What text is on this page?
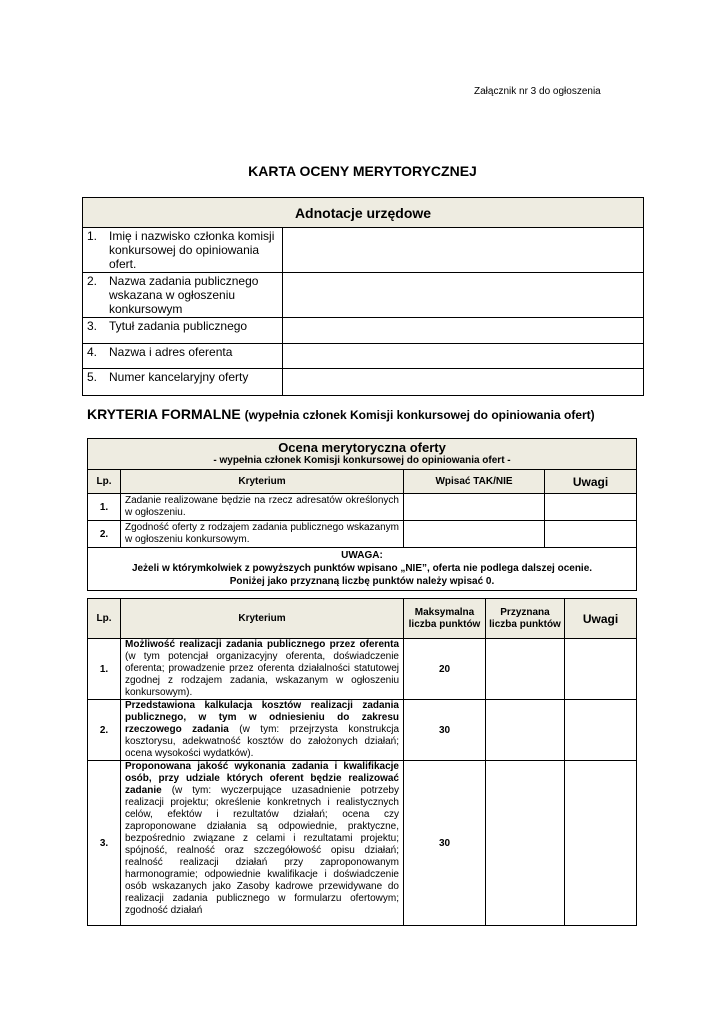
Załącznik nr 3 do ogłoszenia
KARTA OCENY MERYTORYCZNEJ
Adnotacje urzędowe	
1. Imię i nazwisko członka komisji konkursowej do opiniowania ofert.	
2. Nazwa zadania publicznego wskazana w ogłoszeniu konkursowym	
3. Tytuł zadania publicznego	
4. Nazwa i adres oferenta	
5. Numer kancelaryjny oferty	
KRYTERIA FORMALNE (wypełnia członek Komisji konkursowej do opiniowania ofert)
Ocena merytoryczna oferty
- wypełnia członek Komisji konkursowej do opiniowania ofert -			

Lp.	Kryterium	Wpisać TAK/NIE	Uwagi
1.	Zadanie realizowane będzie na rzecz adresatów określonych w ogłoszeniu.		
2.	Zgodność oferty z rodzajem zadania publicznego wskazanym w ogłoszeniu konkursowym.		

UWAGA:
Jeżeli w którymkolwiek z powyższych punktów wpisano „NIE”, oferta nie podlega dalszej ocenie.
Poniżej jako przyznaną liczbę punktów należy wpisać 0.			
Lp.	Kryterium	Maksymalna liczba punktów	Przyznana liczba punktów	Uwagi
1.	Możliwość realizacji zadania publicznego przez oferenta (w tym potencjał organizacyjny oferenta, doświadczenie oferenta; prowadzenie przez oferenta działalności statutowej zgodnej z rodzajem zadania, wskazanym w ogłoszeniu konkursowym).	20		
2.	Przedstawiona kalkulacja kosztów realizacji zadania publicznego, w tym w odniesieniu do zakresu rzeczowego zadania (w tym: przejrzysta konstrukcja kosztorysu, adekwatność kosztów do założonych działań; ocena wysokości wydatków).	30		
3.	Proponowana jakość wykonania zadania i kwalifikacje osób, przy udziale których oferent będzie realizować zadanie (w tym: wyczerpujące uzasadnienie potrzeby realizacji projektu; określenie konkretnych i realistycznych celów, efektów i rezultatów działań; ocena czy zaproponowane działania są odpowiednie, praktyczne, bezpośrednio związane z celami i rezultatami projektu; spójność, realność oraz szczegółowość opisu działań; realność realizacji działań przy zaproponowanym harmonogramie; odpowiednie kwalifikacje i doświadczenie osób wskazanych jako Zasoby kadrowe przewidywane do realizacji zadania publicznego w formularzu ofertowym; zgodność działań	30		
